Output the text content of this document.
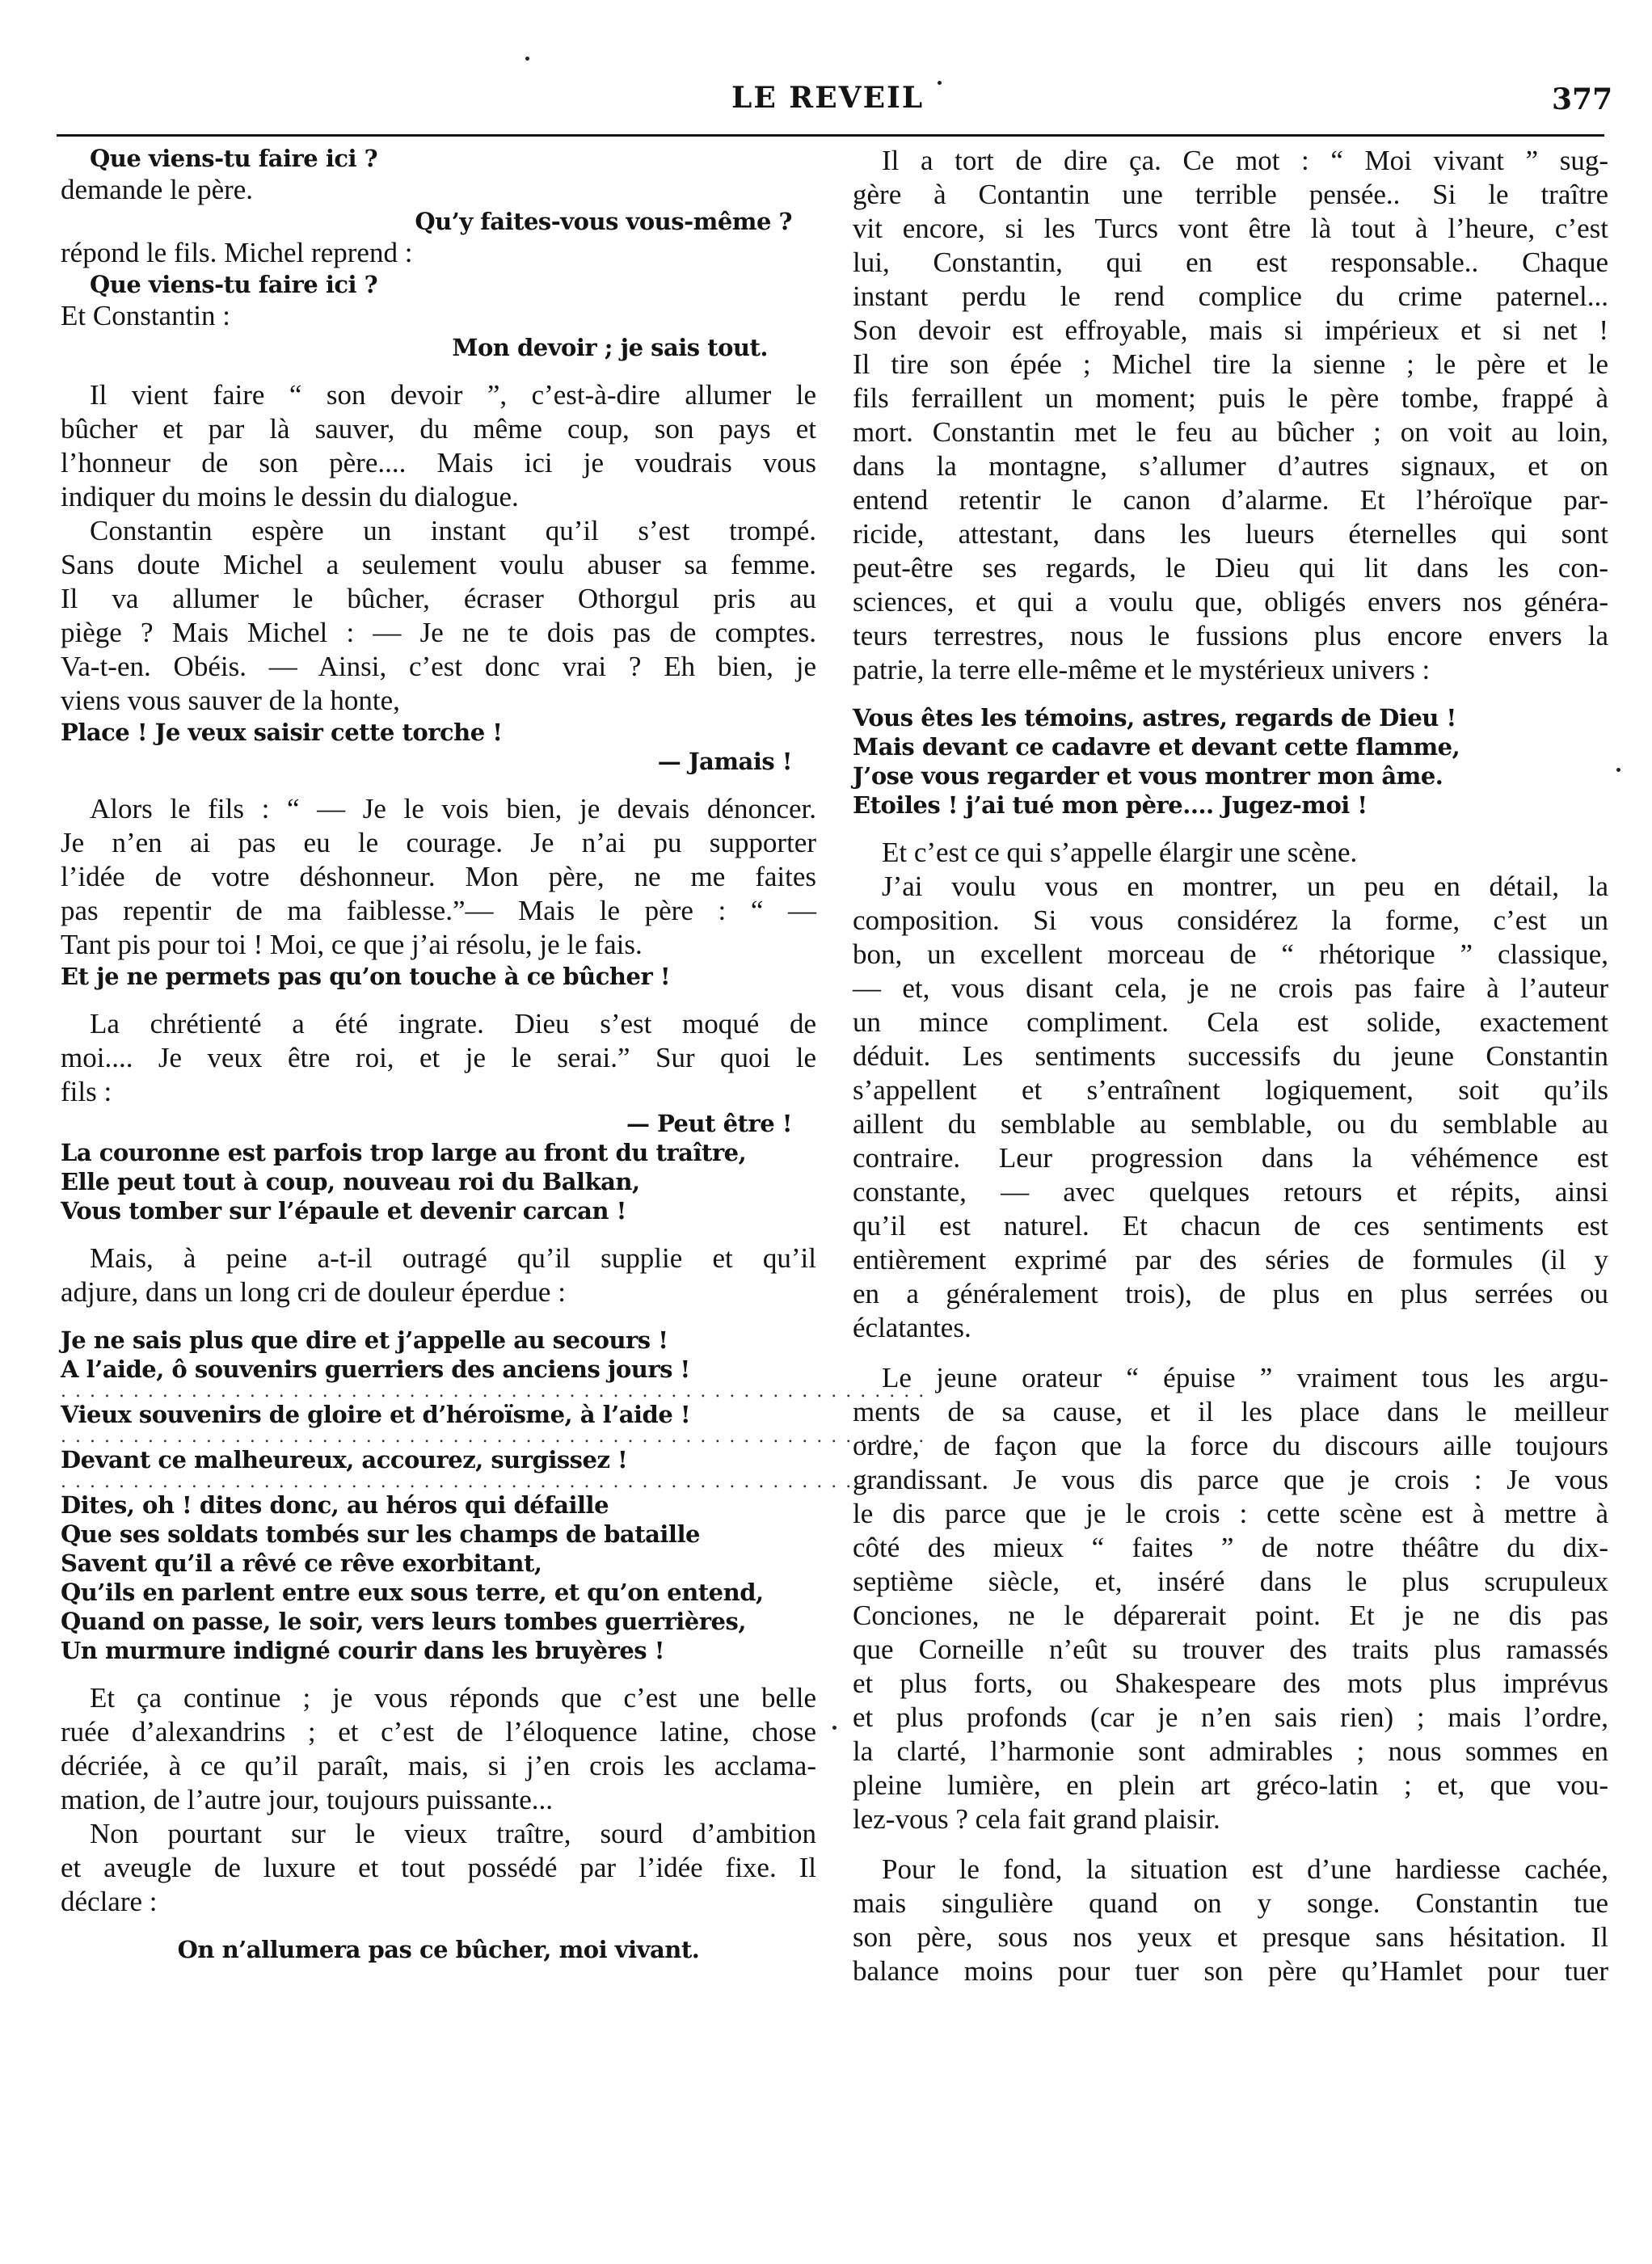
LE REVEIL	377
Que viens-tu faire ici ?
demande le père.
Qu’y faites-vous vous-même ?
répond le fils. Michel reprend :
Que viens-tu faire ici ?
Et Constantin :
Mon devoir ; je sais tout.
Il vient faire “ son devoir ”, c’est-à-dire allumer le
bûcher et par là sauver, du même coup, son pays et
l’honneur de son père.... Mais ici je voudrais vous
indiquer du moins le dessin du dialogue.
Constantin espère un instant qu’il s’est trompé.
Sans doute Michel a seulement voulu abuser sa femme.
Il va allumer le bûcher, écraser Othorgul pris au
piège ? Mais Michel : — Je ne te dois pas de comptes.
Va-t-en. Obéis. — Ainsi, c’est donc vrai ? Eh bien, je
viens vous sauver de la honte,
Place ! Je veux saisir cette torche !
— Jamais !
Alors le fils : “ — Je le vois bien, je devais dénoncer.
Je n’en ai pas eu le courage. Je n’ai pu supporter
l’idée de votre déshonneur. Mon père, ne me faites
pas repentir de ma faiblesse.”— Mais le père : “ —
Tant pis pour toi ! Moi, ce que j’ai résolu, je le fais.
Et je ne permets pas qu’on touche à ce bûcher !
La chrétienté a été ingrate. Dieu s’est moqué de
moi.... Je veux être roi, et je le serai.” Sur quoi le
fils :
— Peut être !
La couronne est parfois trop large au front du traître,
Elle peut tout à coup, nouveau roi du Balkan,
Vous tomber sur l’épaule et devenir carcan !
Mais, à peine a-t-il outragé qu’il supplie et qu’il
adjure, dans un long cri de douleur éperdue :
Je ne sais plus que dire et j’appelle au secours !
A l’aide, ô souvenirs guerriers des anciens jours !
. . . . . . . . . . . . . . . . . . . . . . . . . . . . . . . . . . . . . . . . . . . . . . . . . . . . . . . . . . . .
Vieux souvenirs de gloire et d’héroïsme, à l’aide !
. . . . . . . . . . . . . . . . . . . . . . . . . . . . . . . . . . . . . . . . . . . . . . . . . . . . . . . . . . . .
Devant ce malheureux, accourez, surgissez !
. . . . . . . . . . . . . . . . . . . . . . . . . . . . . . . . . . . . . . . . . . . . . . . . . . . . . . . . . . . .
Dites, oh ! dites donc, au héros qui défaille
Que ses soldats tombés sur les champs de bataille
Savent qu’il a rêvé ce rêve exorbitant,
Qu’ils en parlent entre eux sous terre, et qu’on entend,
Quand on passe, le soir, vers leurs tombes guerrières,
Un murmure indigné courir dans les bruyères !
Et ça continue ; je vous réponds que c’est une belle
ruée d’alexandrins ; et c’est de l’éloquence latine, chose
décriée, à ce qu’il paraît, mais, si j’en crois les acclama-
mation, de l’autre jour, toujours puissante...
Non pourtant sur le vieux traître, sourd d’ambition
et aveugle de luxure et tout possédé par l’idée fixe. Il
déclare :
On n’allumera pas ce bûcher, moi vivant.
Il a tort de dire ça. Ce mot : “ Moi vivant ” sug-
gère à Contantin une terrible pensée.. Si le traître
vit encore, si les Turcs vont être là tout à l’heure, c’est
lui, Constantin, qui en est responsable.. Chaque
instant perdu le rend complice du crime paternel...
Son devoir est effroyable, mais si impérieux et si net !
Il tire son épée ; Michel tire la sienne ; le père et le
fils ferraillent un moment; puis le père tombe, frappé à
mort. Constantin met le feu au bûcher ; on voit au loin,
dans la montagne, s’allumer d’autres signaux, et on
entend retentir le canon d’alarme. Et l’héroïque par-
ricide, attestant, dans les lueurs éternelles qui sont
peut-être ses regards, le Dieu qui lit dans les con-
sciences, et qui a voulu que, obligés envers nos généra-
teurs terrestres, nous le fussions plus encore envers la
patrie, la terre elle-même et le mystérieux univers :
Vous êtes les témoins, astres, regards de Dieu !
Mais devant ce cadavre et devant cette flamme,
J’ose vous regarder et vous montrer mon âme.
Etoiles ! j’ai tué mon père.... Jugez-moi !
Et c’est ce qui s’appelle élargir une scène.
J’ai voulu vous en montrer, un peu en détail, la
composition. Si vous considérez la forme, c’est un
bon, un excellent morceau de “ rhétorique ” classique,
— et, vous disant cela, je ne crois pas faire à l’auteur
un mince compliment. Cela est solide, exactement
déduit. Les sentiments successifs du jeune Constantin
s’appellent et s’entraînent logiquement, soit qu’ils
aillent du semblable au semblable, ou du semblable au
contraire. Leur progression dans la véhémence est
constante, — avec quelques retours et répits, ainsi
qu’il est naturel. Et chacun de ces sentiments est
entièrement exprimé par des séries de formules (il y
en a généralement trois), de plus en plus serrées ou
éclatantes.
Le jeune orateur “ épuise ” vraiment tous les argu-
ments de sa cause, et il les place dans le meilleur
ordre, de façon que la force du discours aille toujours
grandissant. Je vous dis parce que je crois : Je vous
le dis parce que je le crois : cette scène est à mettre à
côté des mieux “ faites ” de notre théâtre du dix-
septième siècle, et, inséré dans le plus scrupuleux
Conciones, ne le déparerait point. Et je ne dis pas
que Corneille n’eût su trouver des traits plus ramassés
et plus forts, ou Shakespeare des mots plus imprévus
et plus profonds (car je n’en sais rien) ; mais l’ordre,
la clarté, l’harmonie sont admirables ; nous sommes en
pleine lumière, en plein art gréco-latin ; et, que vou-
lez-vous ? cela fait grand plaisir.
Pour le fond, la situation est d’une hardiesse cachée,
mais singulière quand on y songe. Constantin tue
son père, sous nos yeux et presque sans hésitation. Il
balance moins pour tuer son père qu’Hamlet pour tuer
